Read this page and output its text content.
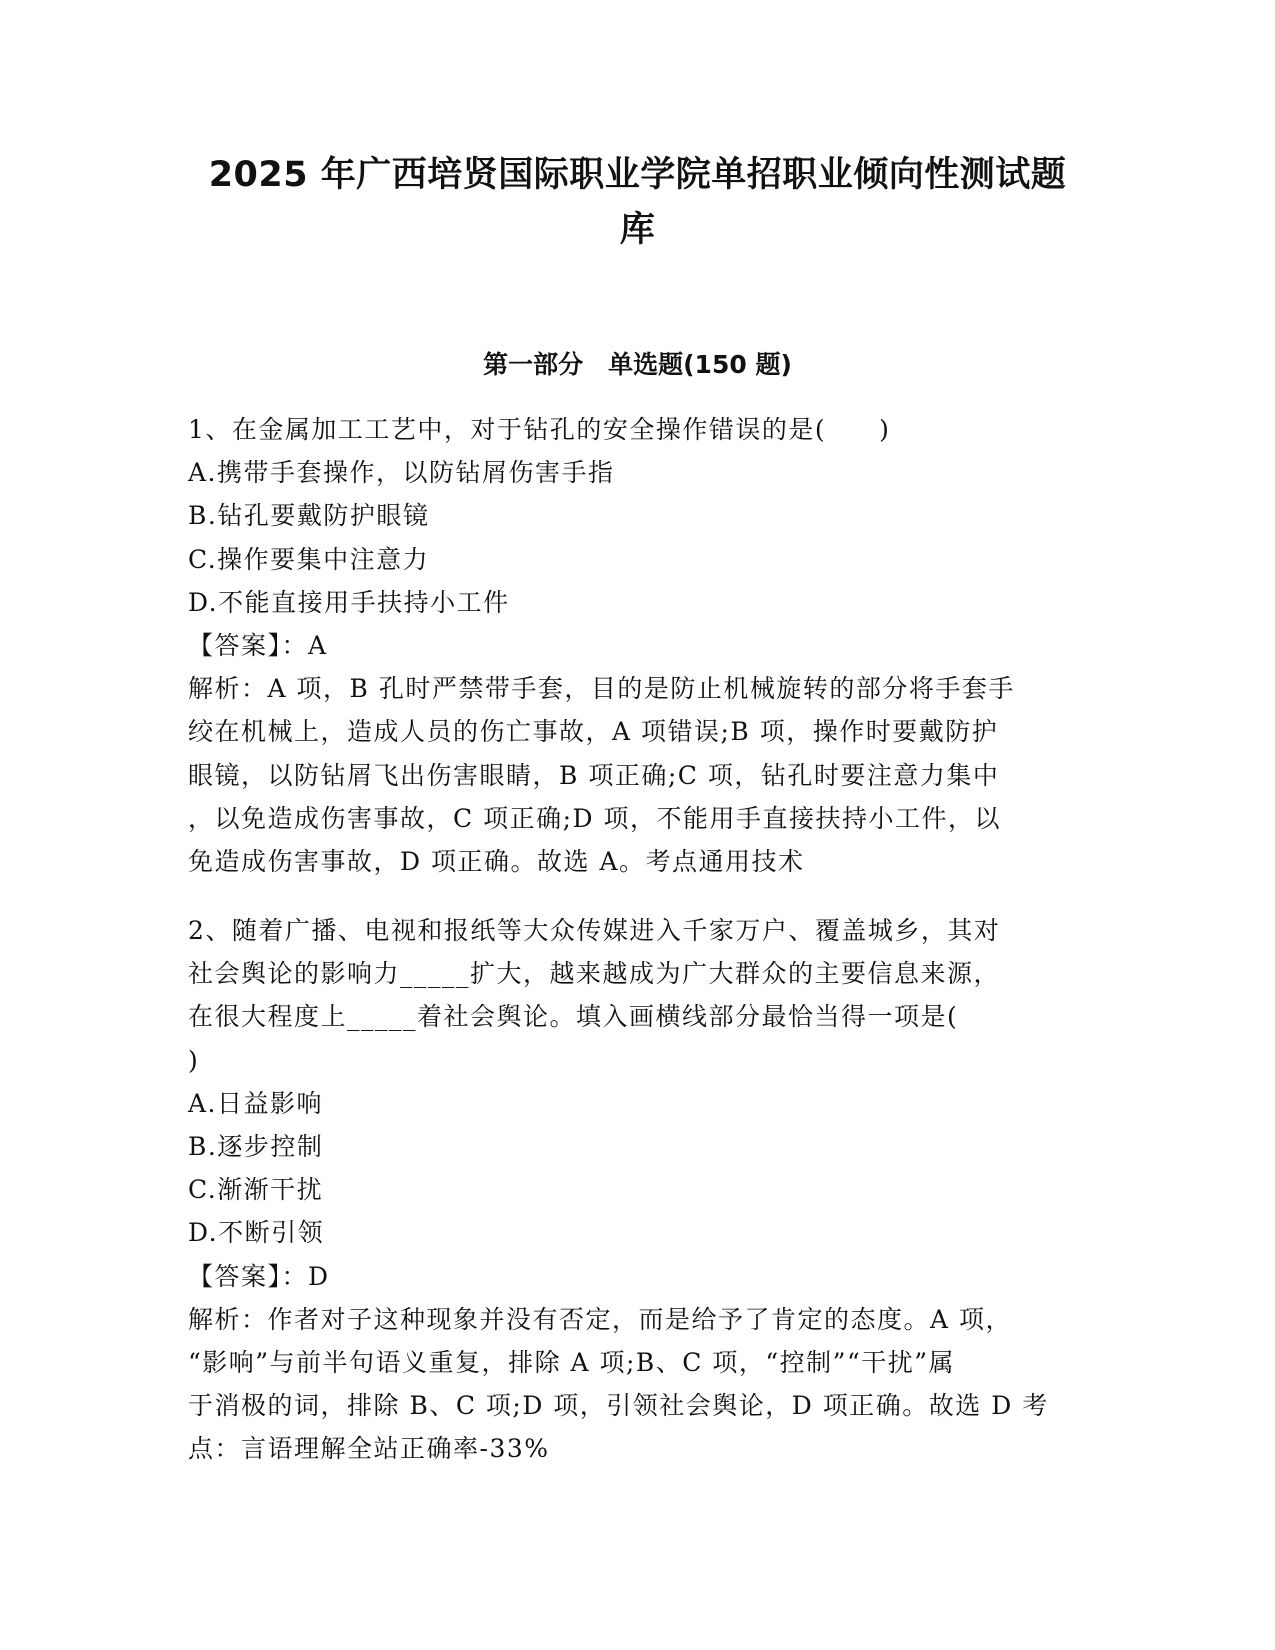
2025 年广西培贤国际职业学院单招职业倾向性测试题
库
第一部分　单选题(150 题)
1、在金属加工工艺中，对于钻孔的安全操作错误的是(　　)
A.携带手套操作，以防钻屑伤害手指
B.钻孔要戴防护眼镜
C.操作要集中注意力
D.不能直接用手扶持小工件
【答案】：A
解析：A 项，B 孔时严禁带手套，目的是防止机械旋转的部分将手套手
绞在机械上，造成人员的伤亡事故，A 项错误;B 项，操作时要戴防护
眼镜，以防钻屑飞出伤害眼睛，B 项正确;C 项，钻孔时要注意力集中
，以免造成伤害事故，C 项正确;D 项，不能用手直接扶持小工件，以
免造成伤害事故，D 项正确。故选 A。考点通用技术
2、随着广播、电视和报纸等大众传媒进入千家万户、覆盖城乡，其对
社会舆论的影响力_____扩大，越来越成为广大群众的主要信息来源，
在很大程度上_____着社会舆论。填入画横线部分最恰当得一项是(
)
A.日益影响
B.逐步控制
C.渐渐干扰
D.不断引领
【答案】：D
解析：作者对子这种现象并没有否定，而是给予了肯定的态度。A 项，
“影响”与前半句语义重复，排除 A 项;B、C 项，“控制”“干扰”属
于消极的词，排除 B、C 项;D 项，引领社会舆论，D 项正确。故选 D 考
点：言语理解全站正确率-33%
